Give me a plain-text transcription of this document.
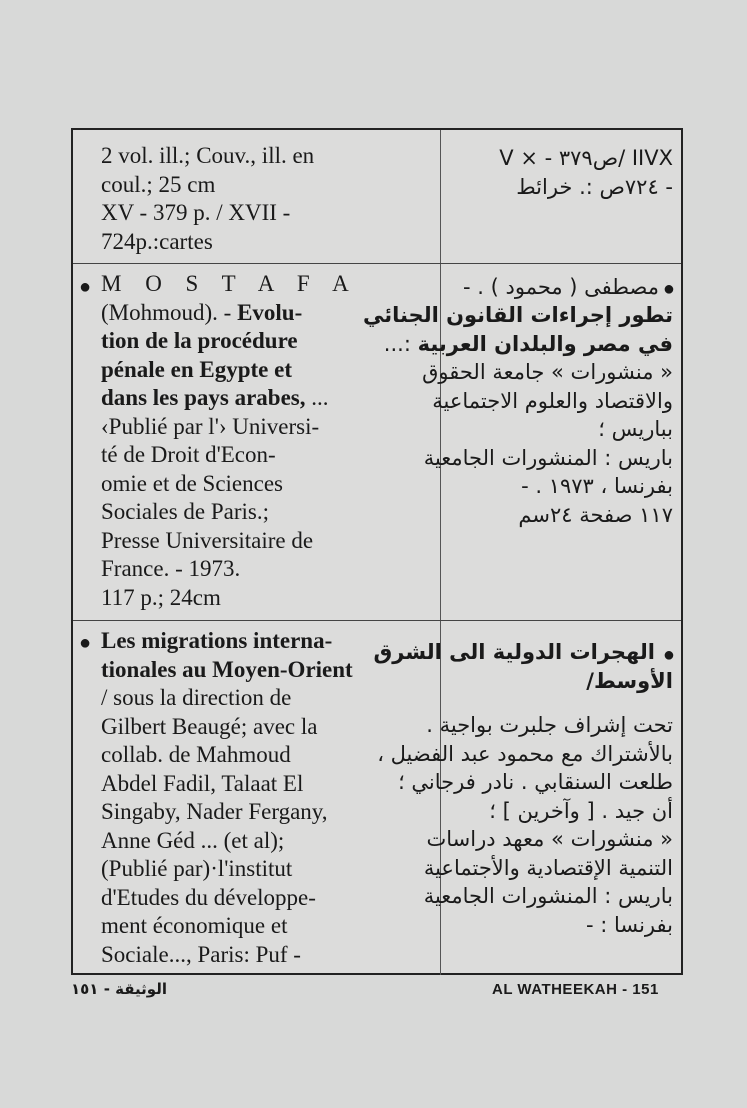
2 vol. ill.; Couv., ill. en
coul.; 25 cm
XV - 379 p. / XVII -
724p.:cartes
IIVX /ص٣٧٩ - × V
- ٧٢٤ص :. خرائط
● M O S T A F A
(Mohmoud). - Evolu-
tion de la procédure
pénale en Egypte et
dans les pays arabes, ...
‹Publié par l'› Universi-
té de Droit d'Econ-
omie et de Sciences
Sociales de Paris.;
Presse Universitaire de
France. - 1973.
117 p.; 24cm
●
مصطفى ( محمود ) . -
تطور إجراءات القانون الجنائي
في مصر والبلدان العربية :...
« منشورات » جامعة الحقوق
والاقتصاد والعلوم الاجتماعية
بباريس ؛
باريس : المنشورات الجامعية
بفرنسا ، ١٩٧٣ . -
١١٧ صفحة ٢٤سم
● Les migrations interna-
tionales au Moyen-Orient
/ sous la direction de
Gilbert Beaugé; avec la
collab. de Mahmoud
Abdel Fadil, Talaat El
Singaby, Nader Fergany,
Anne Géd ... (et al);
(Publié par)·l'institut
d'Etudes du développe-
ment économique et
Sociale..., Paris: Puf -
●
الهجرات الدولية الى الشرق
الأوسط/
تحت إشراف جلبرت بواجية .
بالأشتراك مع محمود عبد الفضيل ،
طلعت السنقابي . نادر فرجاني ؛
أن جيد . [ وآخرين ] ؛
« منشورات » معهد دراسات
التنمية الإقتصادية والأجتماعية
باريس : المنشورات الجامعية
بفرنسا : -
الوثيقة - ١٥١	AL WATHEEKAH - 151
